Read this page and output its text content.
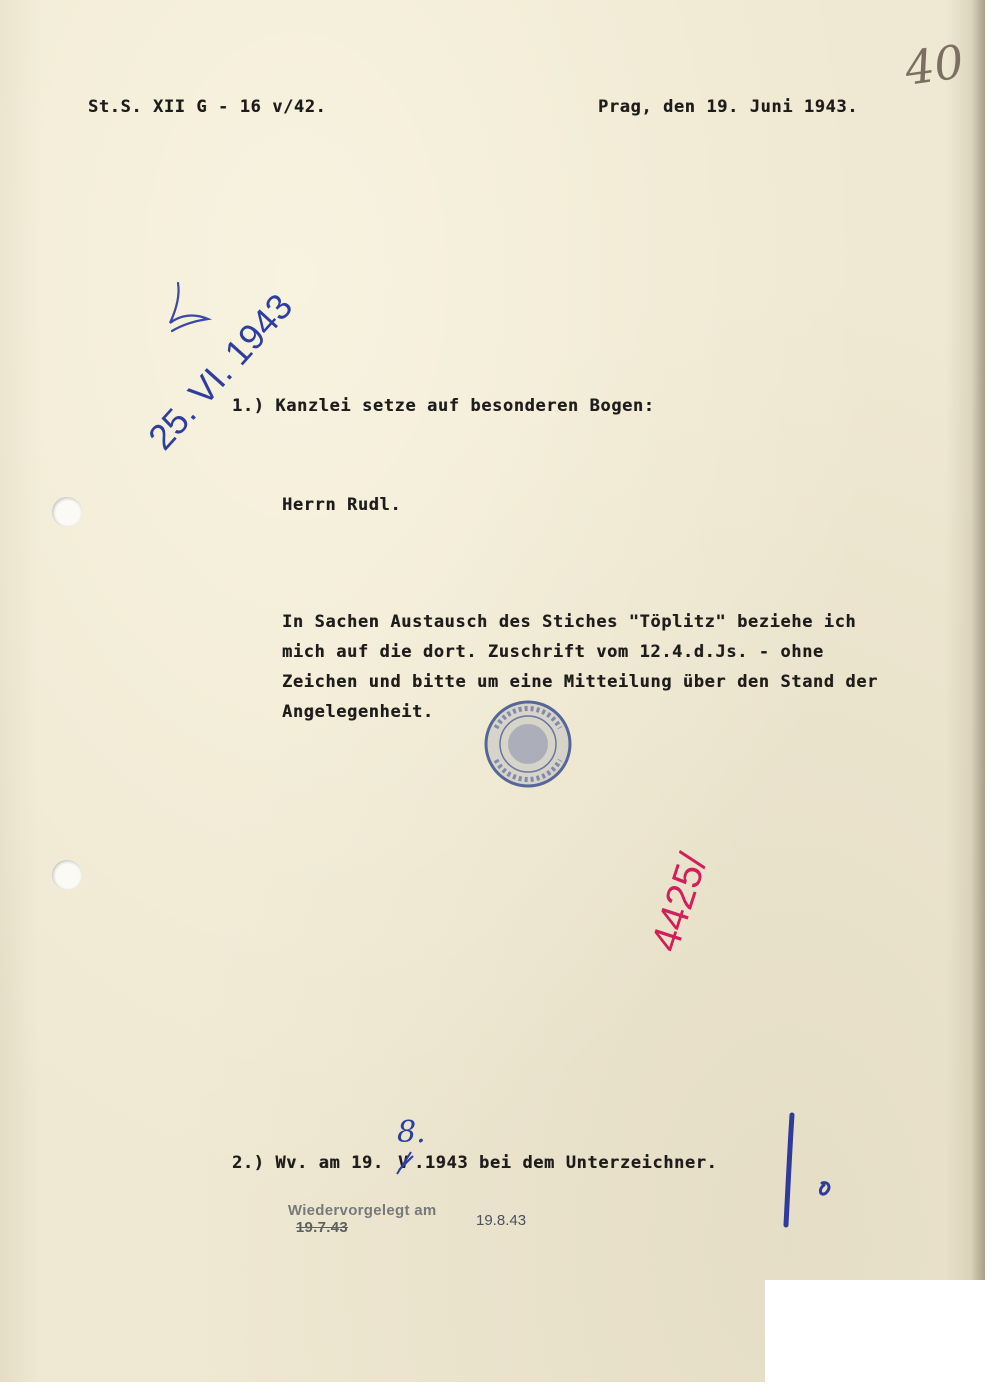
40

St.S. XII G - 16 v/42.	Prag, den 19. Juni 1943.

25. VI. 1943

1.) Kanzlei setze auf besonderen Bogen:

Herrn Rudl.

In Sachen Austausch des Stiches "Töplitz" beziehe ich

mich auf die dort. Zuschrift vom 12.4.d.Js. - ohne

Zeichen und bitte um eine Mitteilung über den Stand der

Angelegenheit.

4425/

2.) Wv. am 19. V .1943 bei dem Unterzeichner.

8.

Wiedervorgelegt am
19.7.43
	19.8.43
